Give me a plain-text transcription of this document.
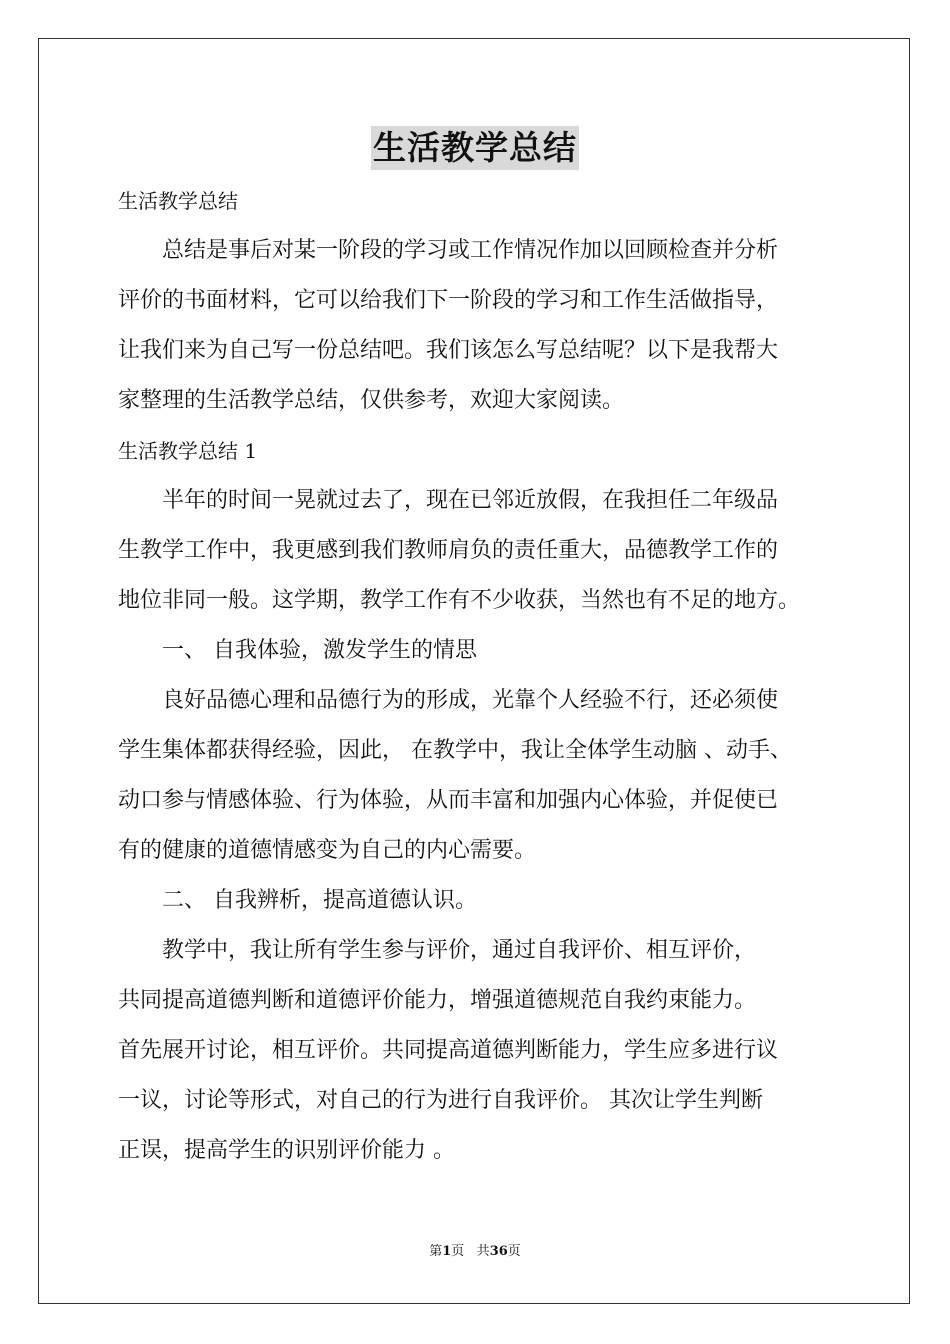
生活教学总结
生活教学总结
总结是事后对某一阶段的学习或工作情况作加以回顾检查并分析
评价的书面材料，它可以给我们下一阶段的学习和工作生活做指导，
让我们来为自己写一份总结吧。我们该怎么写总结呢？以下是我帮大
家整理的生活教学总结，仅供参考，欢迎大家阅读。
生活教学总结 1
半年的时间一晃就过去了，现在已邻近放假，在我担任二年级品
生教学工作中，我更感到我们教师肩负的责任重大，品德教学工作的
地位非同一般。这学期，教学工作有不少收获，当然也有不足的地方。
一、 自我体验，激发学生的情思
良好品德心理和品德行为的形成，光靠个人经验不行，还必须使
学生集体都获得经验，因此， 在教学中，我让全体学生动脑 、动手、
动口参与情感体验、行为体验，从而丰富和加强内心体验，并促使已
有的健康的道德情感变为自己的内心需要。
二、 自我辨析，提高道德认识。
教学中，我让所有学生参与评价，通过自我评价、相互评价，
共同提高道德判断和道德评价能力，增强道德规范自我约束能力。
首先展开讨论，相互评价。共同提高道德判断能力，学生应多进行议
一议，讨论等形式，对自己的行为进行自我评价。 其次让学生判断
正误，提高学生的识别评价能力 。
第1页 共36页
